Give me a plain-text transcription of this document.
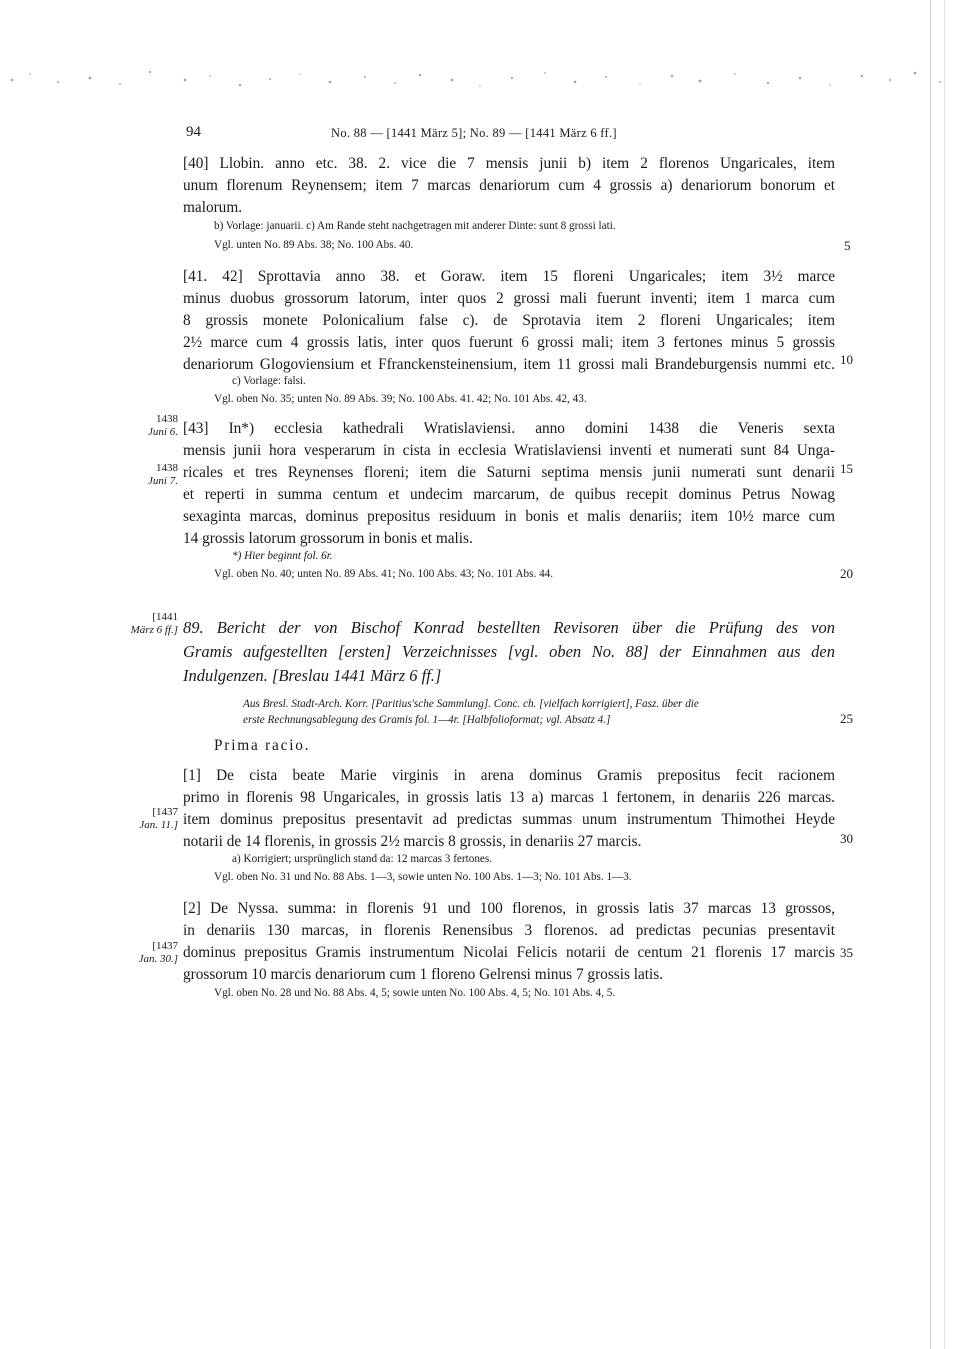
94	No. 88 — [1441 März 5]; No. 89 — [1441 März 6 ff.]
[40] Llobin. anno etc. 38. 2. vice die 7 mensis junii b) item 2 florenos Ungaricales, item
unum florenum Reynensem; item 7 marcas denariorum cum 4 grossis a) denariorum bonorum et
malorum.
b) Vorlage: januarii. c) Am Rande steht nachgetragen mit anderer Dinte: sunt 8 grossi lati.
Vgl. unten No. 89 Abs. 38; No. 100 Abs. 40.	5
[41. 42] Sprottavia anno 38. et Goraw. item 15 floreni Ungaricales; item 3½ marce
minus duobus grossorum latorum, inter quos 2 grossi mali fuerunt inventi; item 1 marca cum
8 grossis monete Polonicalium false c). de Sprotavia item 2 floreni Ungaricales; item
2½ marce cum 4 grossis latis, inter quos fuerunt 6 grossi mali; item 3 fertones minus 5 grossis
denariorum Glogoviensium et Ffranckensteinensium, item 11 grossi mali Brandeburgensis nummi etc. 10
c) Vorlage: falsi.
Vgl. oben No. 35; unten No. 89 Abs. 39; No. 100 Abs. 41. 42; No. 101 Abs. 42, 43.
1438
Juni 6.
1438
Juni 7.
[43] In*) ecclesia kathedrali Wratislaviensi. anno domini 1438 die Veneris sexta
mensis junii hora vesperarum in cista in ecclesia Wratislaviensi inventi et numerati sunt 84 Unga-
ricales et tres Reynenses floreni; item die Saturni septima mensis junii numerati sunt denarii
et reperti in summa centum et undecim marcarum, de quibus recepit dominus Petrus Nowag
sexaginta marcas, dominus prepositus residuum in bonis et malis denariis; item 10½ marce cum
14 grossis latorum grossorum in bonis et malis.
15
*) Hier beginnt fol. 6r.
Vgl. oben No. 40; unten No. 89 Abs. 41; No. 100 Abs. 43; No. 101 Abs. 44.	20
[1441
März 6 ff.] 89. Bericht der von Bischof Konrad bestellten Revisoren über die Prüfung des von
Gramis aufgestellten [ersten] Verzeichnisses [vgl. oben No. 88] der Einnahmen aus den
Indulgenzen. [Breslau 1441 März 6 ff.]
Aus Bresl. Stadt-Arch. Korr. [Paritius'sche Sammlung]. Conc. ch. [vielfach korrigiert], Fasz. über die
erste Rechnungsablegung des Gramis fol. 1—4r. [Halbfolioformat; vgl. Absatz 4.]	25
Prima racio.
[1] De cista beate Marie virginis in arena dominus Gramis prepositus fecit racionem
primo in florenis 98 Ungaricales, in grossis latis 13 a) marcas 1 fertonem, in denariis 226 marcas.
item dominus prepositus presentavit ad predictas summas unum instrumentum Thimothei Heyde
notarii de 14 florenis, in grossis 2½ marcis 8 grossis, in denariis 27 marcis.
[1437
Jan. 11.]
30
a) Korrigiert; ursprünglich stand da: 12 marcas 3 fertones.
Vgl. oben No. 31 und No. 88 Abs. 1—3, sowie unten No. 100 Abs. 1—3; No. 101 Abs. 1—3.
[2] De Nyssa. summa: in florenis 91 und 100 florenos, in grossis latis 37 marcas 13 grossos,
in denariis 130 marcas, in florenis Renensibus 3 florenos. ad predictas pecunias presentavit
dominus prepositus Gramis instrumentum Nicolai Felicis notarii de centum 21 florenis 17 marcis
grossorum 10 marcis denariorum cum 1 floreno Gelrensi minus 7 grossis latis.
[1437
Jan. 30.]	35
Vgl. oben No. 28 und No. 88 Abs. 4, 5; sowie unten No. 100 Abs. 4, 5; No. 101 Abs. 4, 5.
